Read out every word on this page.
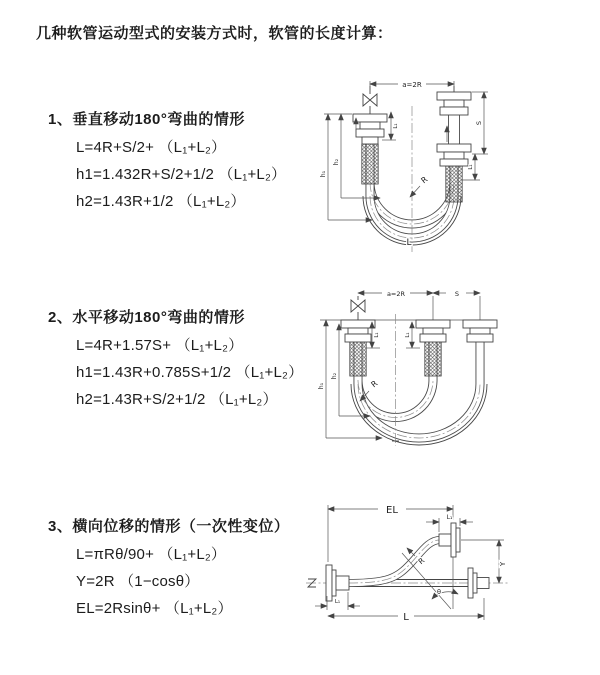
几种软管运动型式的安装方式时，软管的长度计算：
1、垂直移动180°弯曲的情形
L=4R+S/2+ （L₁+L₂）
h1=1.432R+S/2+1/2 （L₁+L₂）
h2=1.43R+1/2 （L₁+L₂）
2、水平移动180°弯曲的情形
L=4R+1.57S+ （L₁+L₂）
h1=1.43R+0.785S+1/2 （L₁+L₂）
h2=1.43R+S/2+1/2 （L₁+L₂）
3、横向位移的情形（一次性变位）
L=πRθ/90+ （L₁+L₂）
Y=2R （1−cosθ）
EL=2Rsinθ+ （L₁+L₂）
a=2R
h₁
h₂
L₁
S
L₁
R
L
a=2R	S
h₁
h₂
L₁	L₁
R
EL
L₁
Y
θ
R
L₁
L
